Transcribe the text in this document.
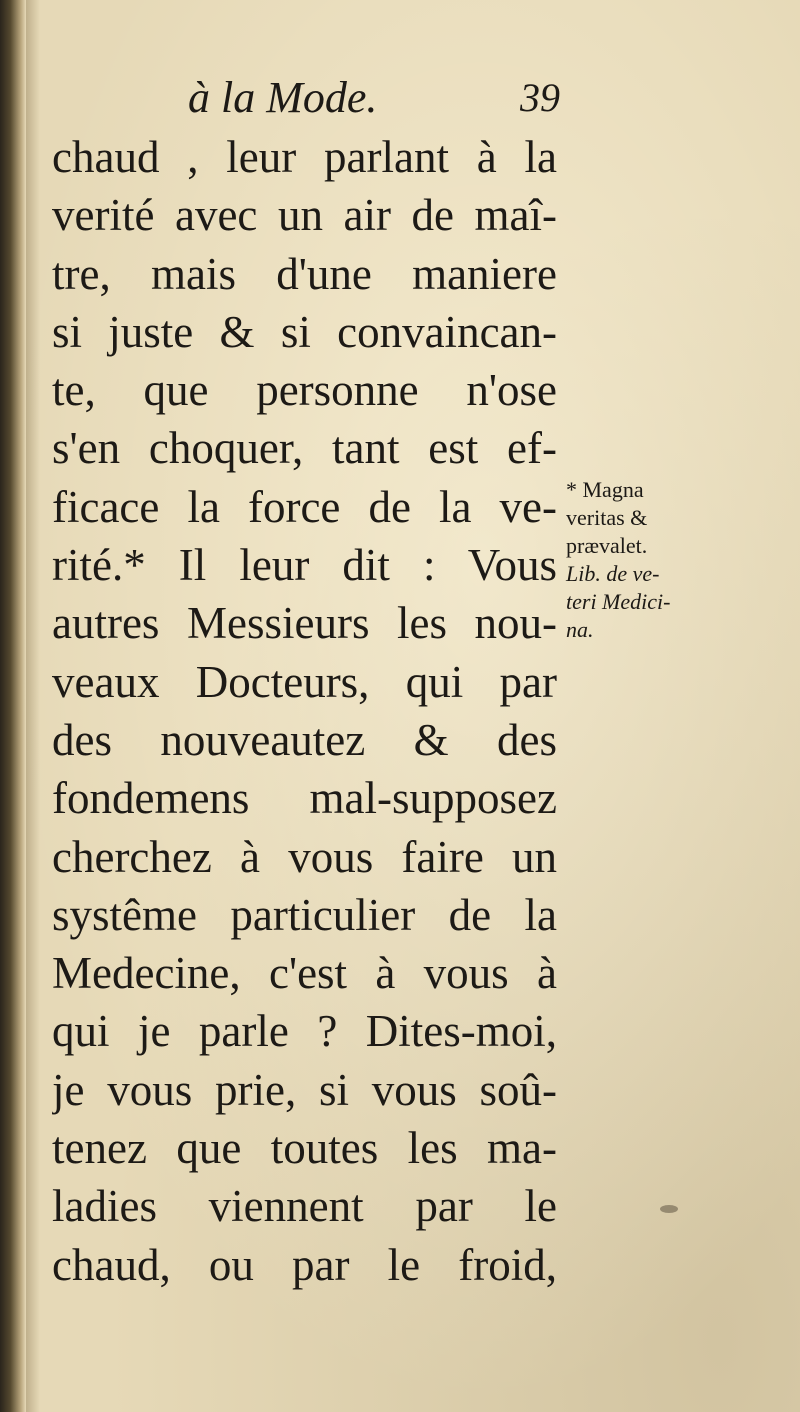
à la Mode.	39
chaud , leur parlant à la
verité avec un air de maî-
tre, mais d'une maniere
si juste & si convaincan-
te, que personne n'ose
s'en choquer, tant est ef-
ficace la force de la ve-
rité.* Il leur dit : Vous
autres Messieurs les nou-
veaux Docteurs, qui par
des nouveautez & des
fondemens mal-supposez
cherchez à vous faire un
systême particulier de la
Medecine, c'est à vous à
qui je parle ? Dites-moi,
je vous prie, si vous soû-
tenez que toutes les ma-
ladies viennent par le
chaud, ou par le froid,
* Magna
veritas &
prævalet.
Lib. de ve-
teri Medici-
na.
